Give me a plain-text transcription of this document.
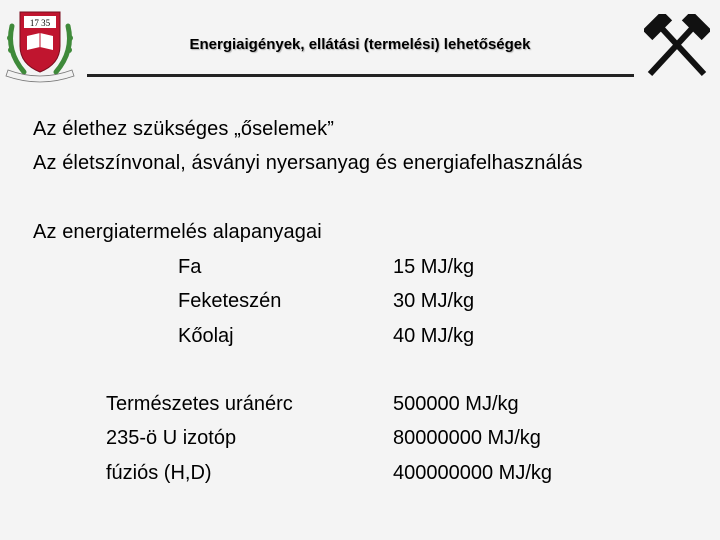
17 35
Energiaigények, ellátási (termelési) lehetőségek
Az élethez szükséges „őselemek”
Az életszínvonal, ásványi nyersanyag és energiafelhasználás
Az energiatermelés alapanyagai
Fa	15 MJ/kg
Feketeszén	30 MJ/kg
Kőolaj	40 MJ/kg
Természetes uránérc	500000 MJ/kg
235-ö U izotóp	80000000 MJ/kg
fúziós (H,D)	400000000 MJ/kg
